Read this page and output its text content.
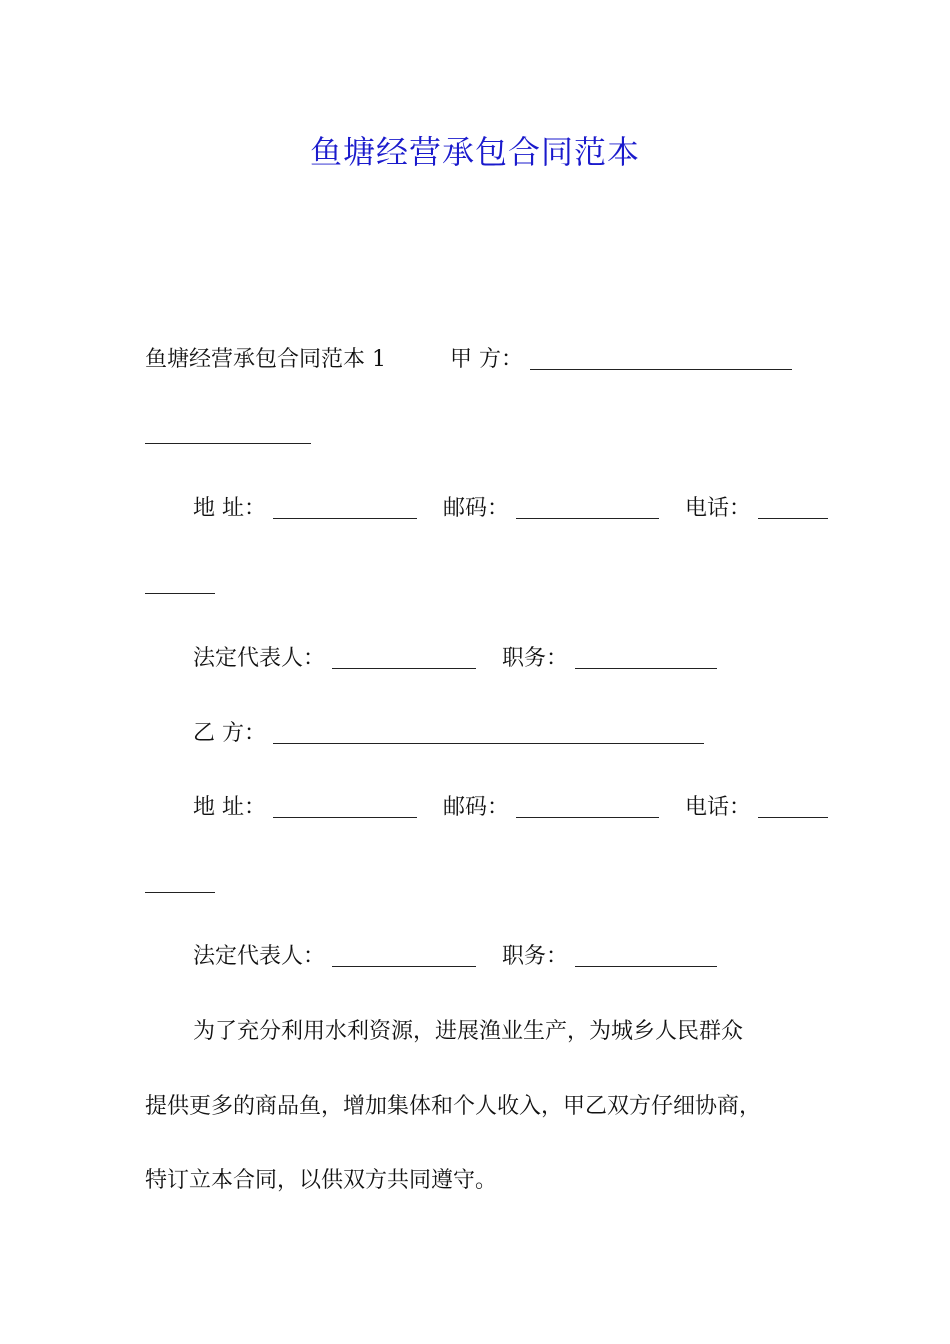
鱼塘经营承包合同范本
鱼塘经营承包合同范本 1	甲 方：
地 址：	邮码：	电话：
法定代表人：	职务：
乙 方：
地 址：	邮码：	电话：
法定代表人：	职务：
为了充分利用水利资源，进展渔业生产，为城乡人民群众
提供更多的商品鱼，增加集体和个人收入，甲乙双方仔细协商，
特订立本合同，以供双方共同遵守。
